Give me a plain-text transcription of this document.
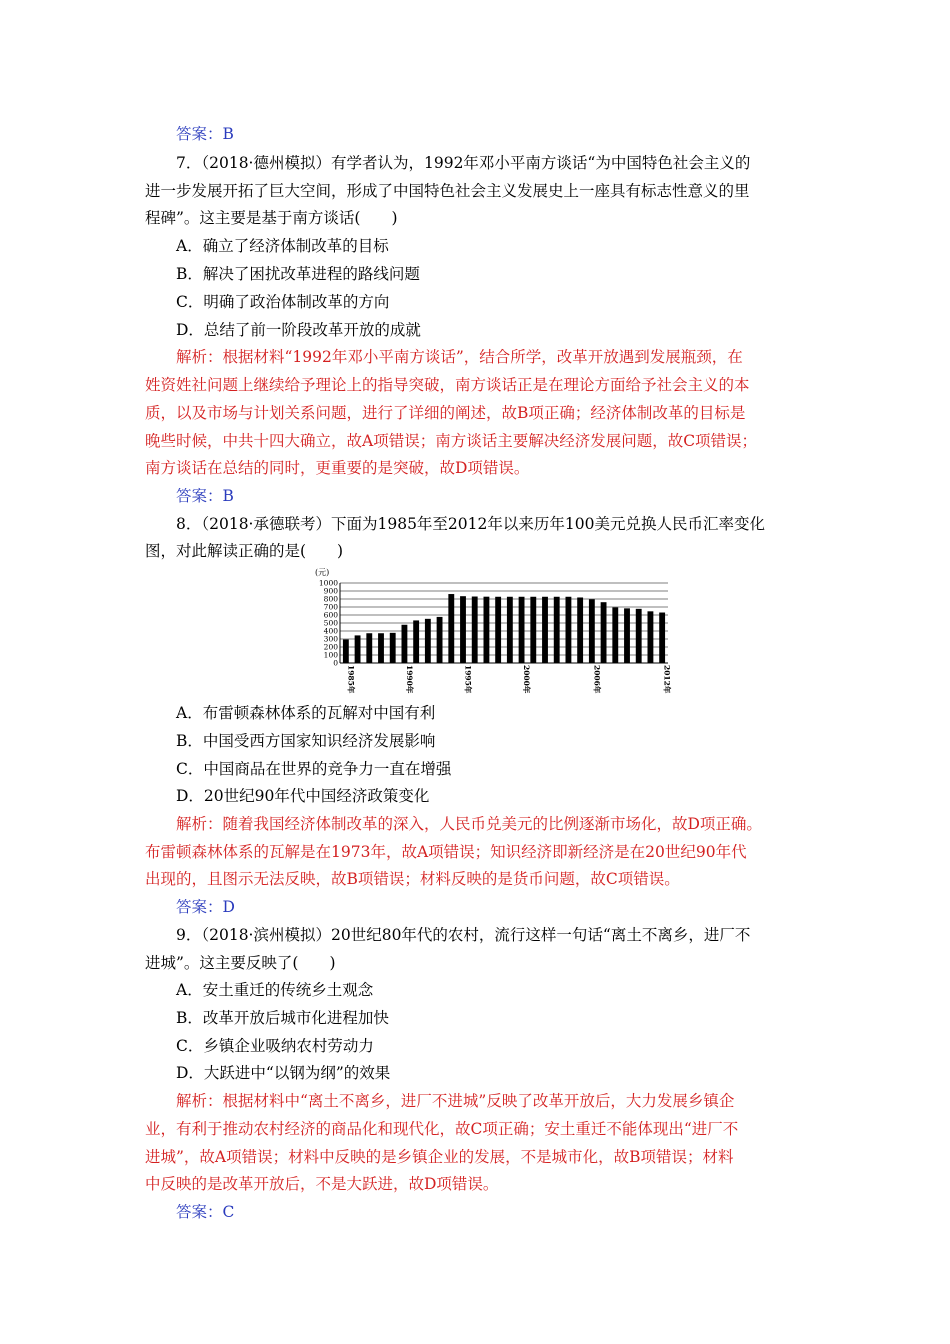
答案：B
7．（2018·德州模拟）有学者认为，1992年邓小平南方谈话“为中国特色社会主义的
进一步发展开拓了巨大空间，形成了中国特色社会主义发展史上一座具有标志性意义的里
程碑”。这主要是基于南方谈话(　　)
A．确立了经济体制改革的目标
B．解决了困扰改革进程的路线问题
C．明确了政治体制改革的方向
D．总结了前一阶段改革开放的成就
解析：根据材料“1992年邓小平南方谈话”，结合所学，改革开放遇到发展瓶颈，在
姓资姓社问题上继续给予理论上的指导突破，南方谈话正是在理论方面给予社会主义的本
质，以及市场与计划关系问题，进行了详细的阐述，故B项正确；经济体制改革的目标是
晚些时候，中共十四大确立，故A项错误；南方谈话主要解决经济发展问题，故C项错误；
南方谈话在总结的同时，更重要的是突破，故D项错误。
答案：B
8．（2018·承德联考）下面为1985年至2012年以来历年100美元兑换人民币汇率变化
图，对此解读正确的是(　　)
0
100
200
300
400
500
600
700
800
900
1000
1985年	1990年	1995年	2000年	2006年	2012年
(元)
A．布雷顿森林体系的瓦解对中国有利
B．中国受西方国家知识经济发展影响
C．中国商品在世界的竞争力一直在增强
D．20世纪90年代中国经济政策变化
解析：随着我国经济体制改革的深入，人民币兑美元的比例逐渐市场化，故D项正确。
布雷顿森林体系的瓦解是在1973年，故A项错误；知识经济即新经济是在20世纪90年代
出现的，且图示无法反映，故B项错误；材料反映的是货币问题，故C项错误。
答案：D
9．（2018·滨州模拟）20世纪80年代的农村，流行这样一句话“离土不离乡，进厂不
进城”。这主要反映了(　　)
A．安土重迁的传统乡土观念
B．改革开放后城市化进程加快
C．乡镇企业吸纳农村劳动力
D．大跃进中“以钢为纲”的效果
解析：根据材料中“离土不离乡，进厂不进城”反映了改革开放后，大力发展乡镇企
业，有利于推动农村经济的商品化和现代化，故C项正确；安土重迁不能体现出“进厂不
进城”，故A项错误；材料中反映的是乡镇企业的发展，不是城市化，故B项错误；材料
中反映的是改革开放后，不是大跃进，故D项错误。
答案：C
